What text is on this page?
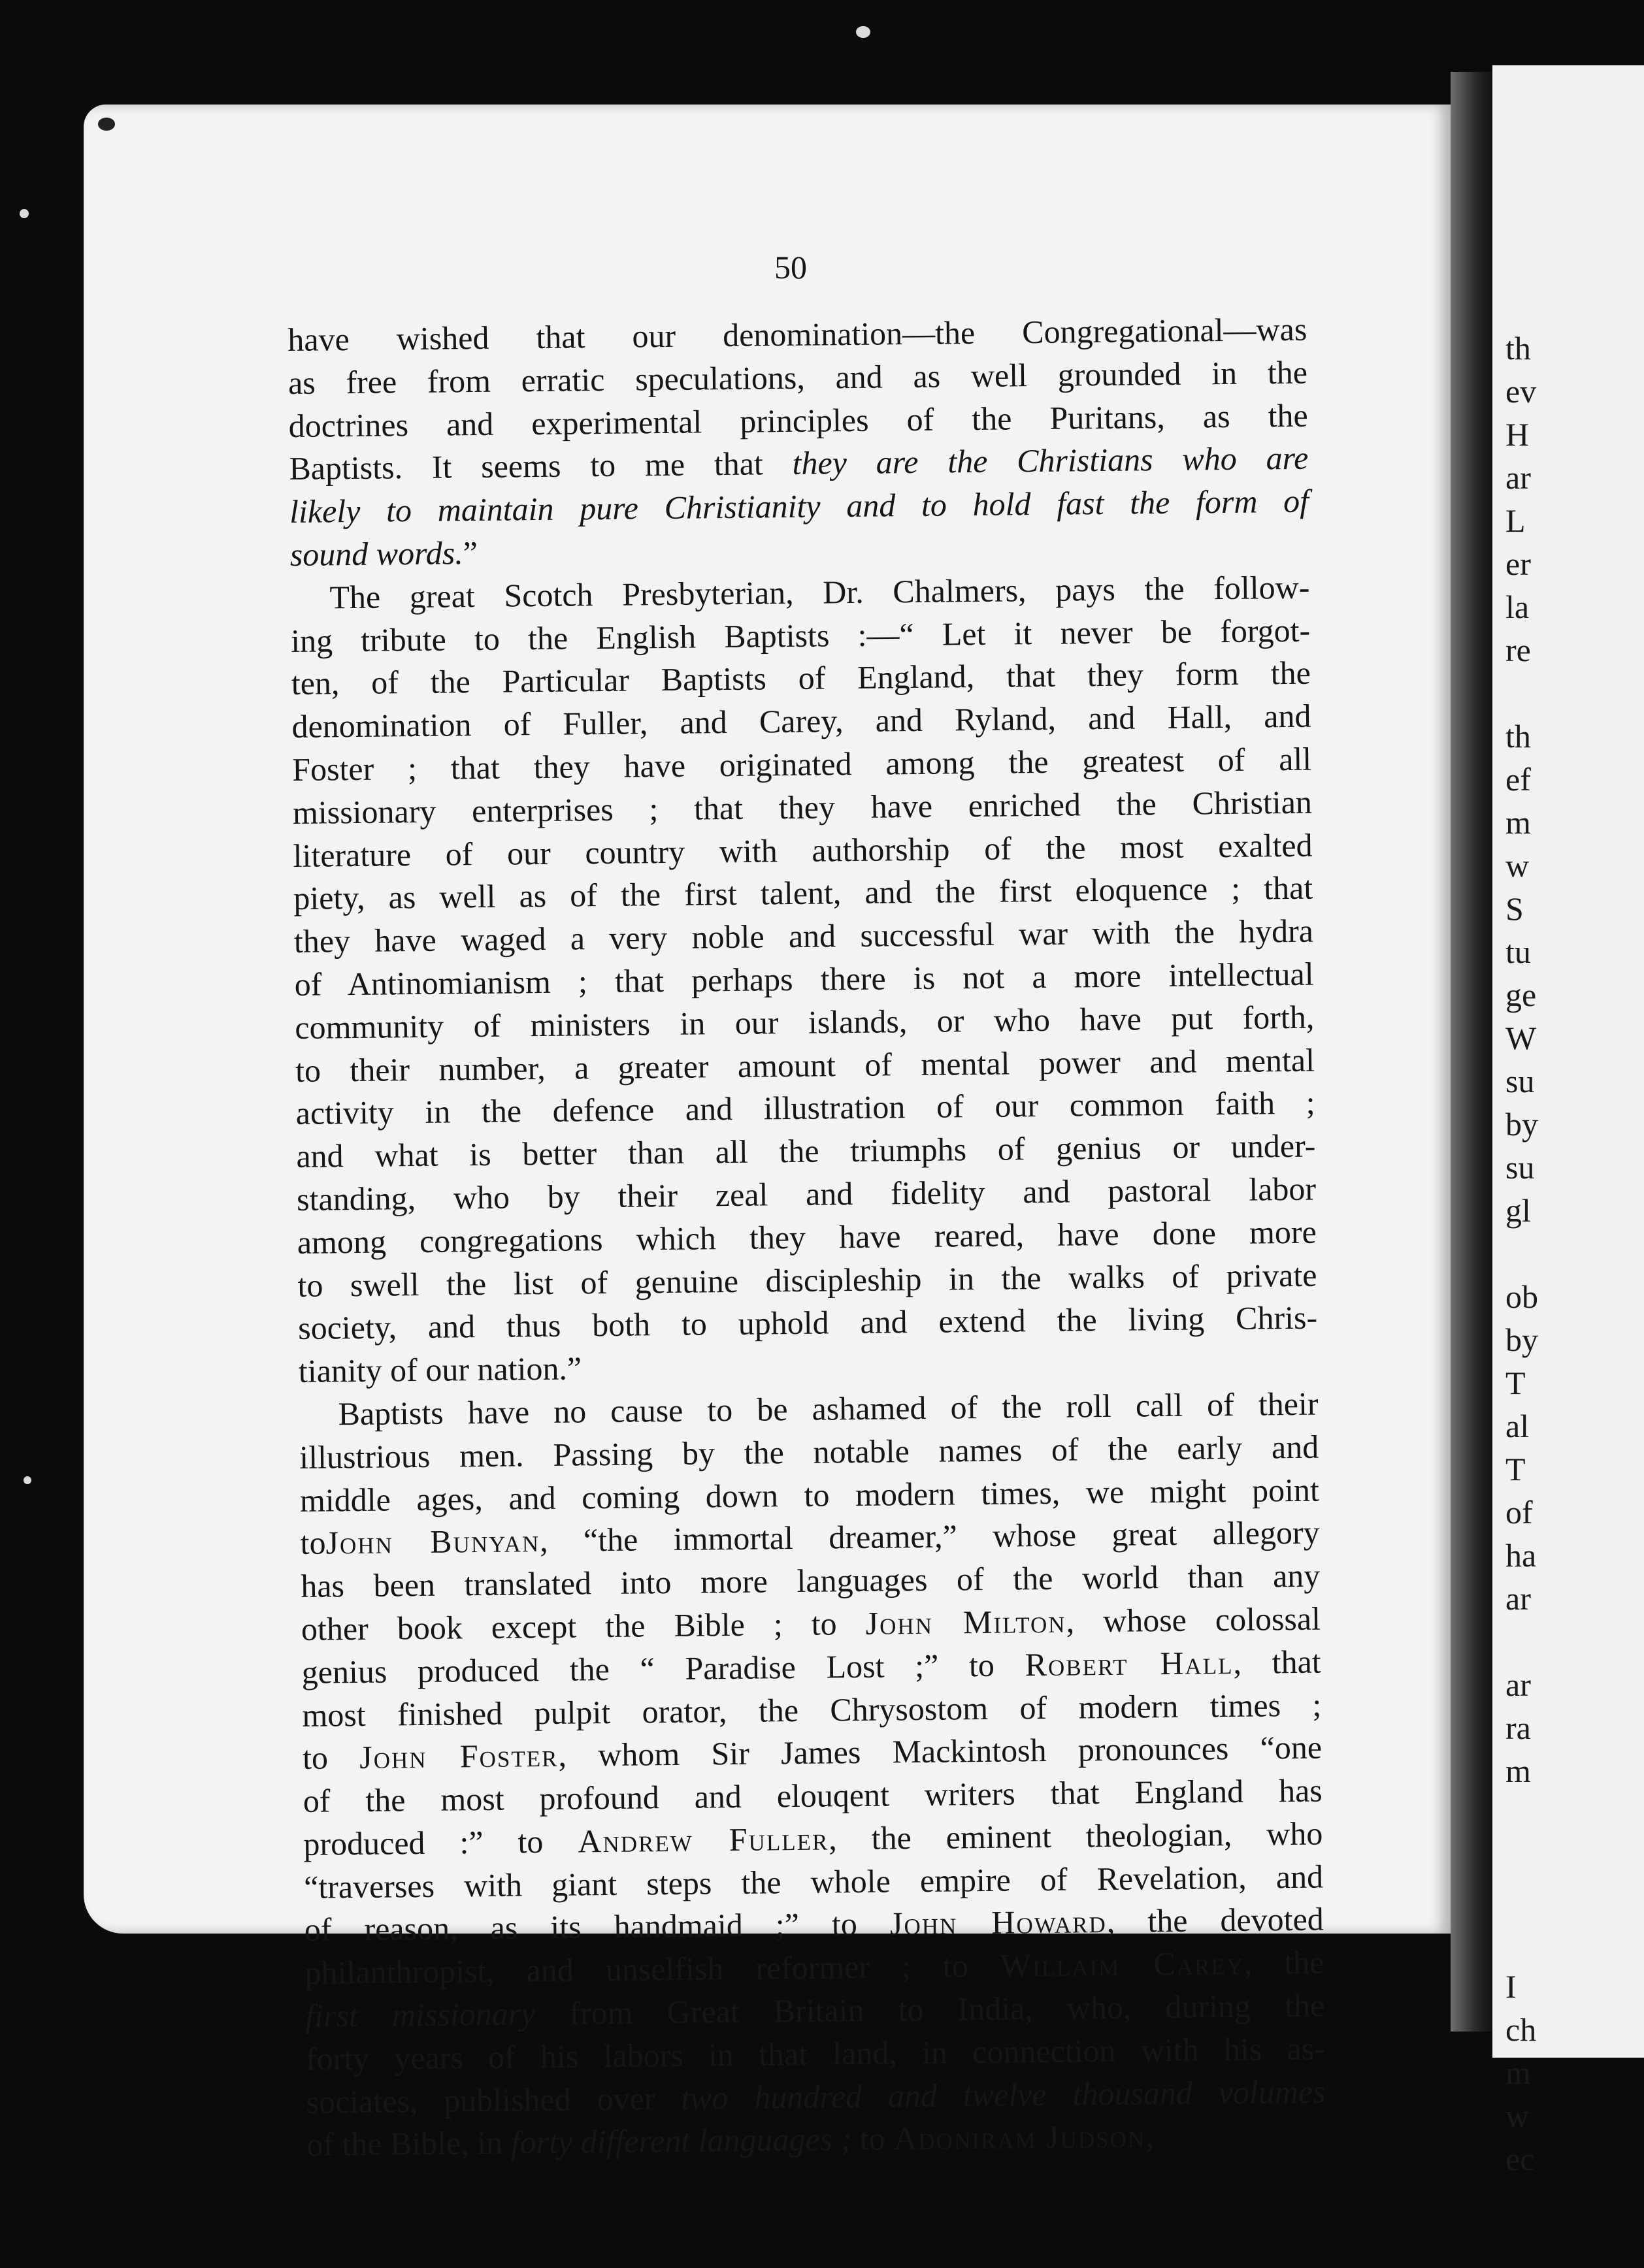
th
ev
H
ar
L
er
la
re
th
ef
m
w
S
tu
ge
W
su
by
su
gl
ob
by
T
al
T
of
ha
ar
ar
ra
m
I
ch
m
w
ec
50
have wished that our denomination—the Congregational—was
as free from erratic speculations, and as well grounded in the
doctrines and experimental principles of the Puritans, as the
Baptists. It seems to me that they are the Christians who are
likely to maintain pure Christianity and to hold fast the form of
sound words.”
The great Scotch Presbyterian, Dr. Chalmers, pays the follow-
ing tribute to the English Baptists :—“ Let it never be forgot-
ten, of the Particular Baptists of England, that they form the
denomination of Fuller, and Carey, and Ryland, and Hall, and
Foster ; that they have originated among the greatest of all
missionary enterprises ; that they have enriched the Christian
literature of our country with authorship of the most exalted
piety, as well as of the first talent, and the first eloquence ; that
they have waged a very noble and successful war with the hydra
of Antinomianism ; that perhaps there is not a more intellectual
community of ministers in our islands, or who have put forth,
to their number, a greater amount of mental power and mental
activity in the defence and illustration of our common faith ;
and what is better than all the triumphs of genius or under-
standing, who by their zeal and fidelity and pastoral labor
among congregations which they have reared, have done more
to swell the list of genuine discipleship in the walks of private
society, and thus both to uphold and extend the living Chris-
tianity of our nation.”
Baptists have no cause to be ashamed of the roll call of their
illustrious men. Passing by the notable names of the early and
middle ages, and coming down to modern times, we might point
toJohn Bunyan, “the immortal dreamer,” whose great allegory
has been translated into more languages of the world than any
other book except the Bible ; to John Milton, whose colossal
genius produced the “ Paradise Lost ;” to Robert Hall, that
most finished pulpit orator, the Chrysostom of modern times ;
to John Foster, whom Sir James Mackintosh pronounces “one
of the most profound and elouqent writers that England has
produced :” to Andrew Fuller, the eminent theologian, who
“traverses with giant steps the whole empire of Revelation, and
of reason, as its handmaid ;” to John Howard, the devoted
philanthropist, and unselfish reformer ; to Willaim Carey, the
first missionary from Great Britain to India, who, during the
forty years of his labors in that land, in connection with his as-
sociates, published over two hundred and twelve thousand volumes
of the Bible, in forty different languages ; to Adoniram Judson,
